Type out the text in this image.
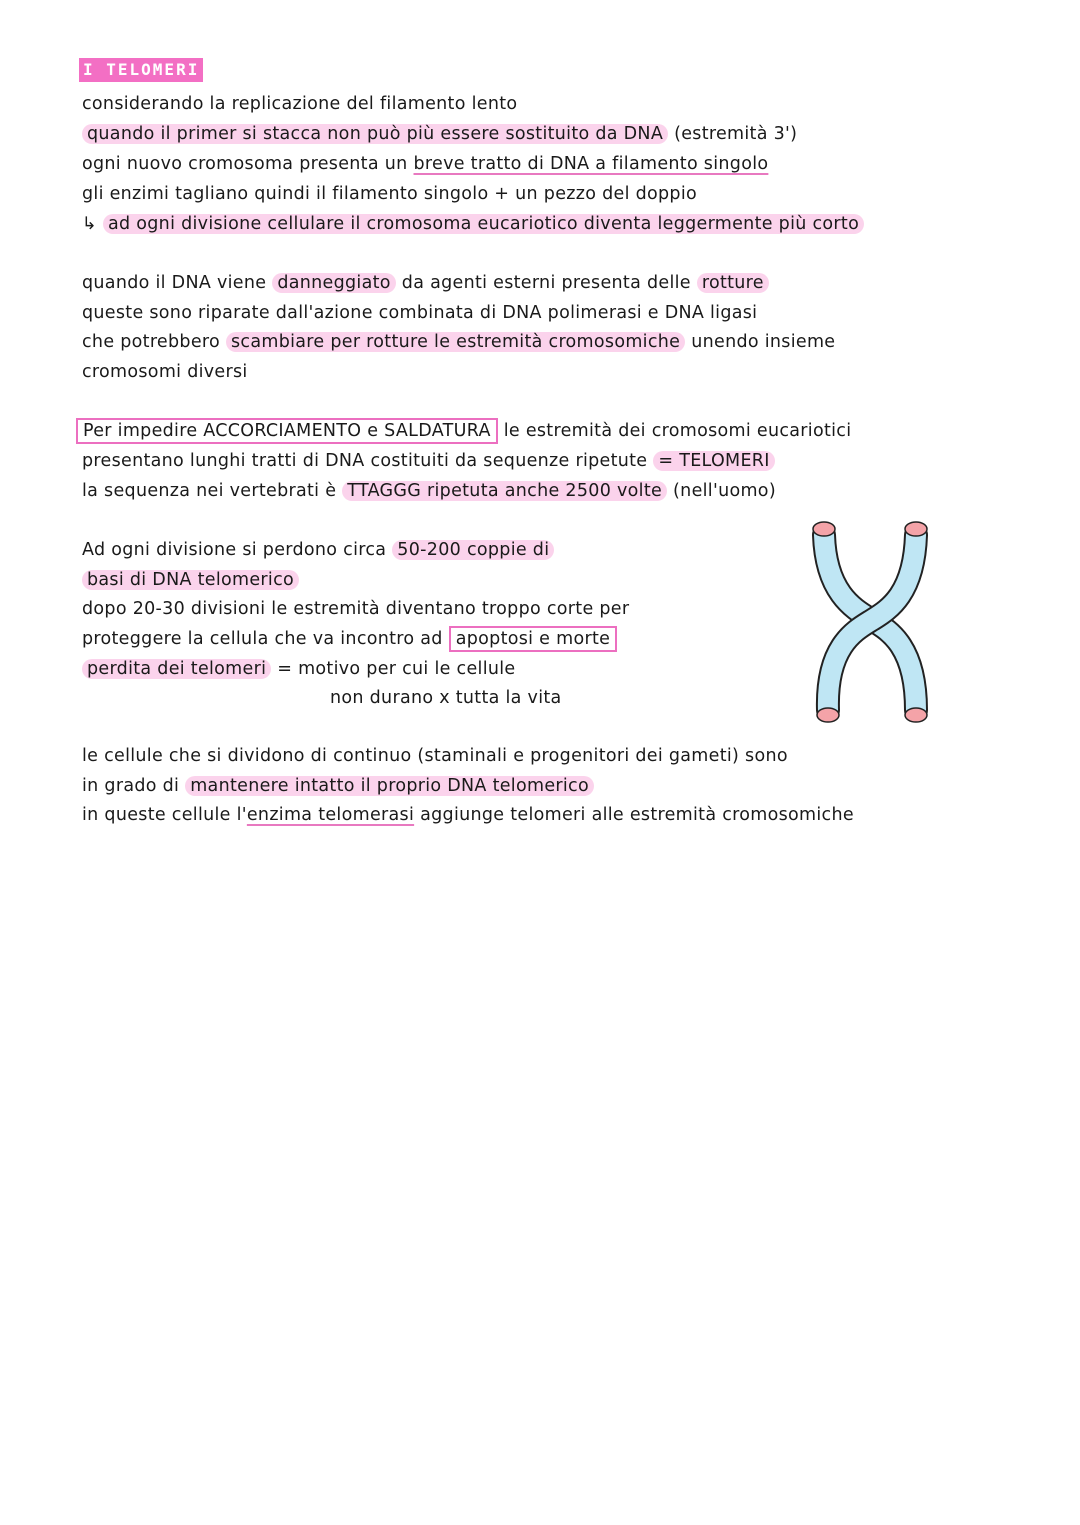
I TELOMERI
considerando la replicazione del filamento lento
quando il primer si stacca non può più essere sostituito da DNA (estremità 3')
ogni nuovo cromosoma presenta un breve tratto di DNA a filamento singolo
gli enzimi tagliano quindi il filamento singolo + un pezzo del doppio
↳ ad ogni divisione cellulare il cromosoma eucariotico diventa leggermente più corto
quando il DNA viene danneggiato da agenti esterni presenta delle rotture
queste sono riparate dall'azione combinata di DNA polimerasi e DNA ligasi
che potrebbero scambiare per rotture le estremità cromosomiche unendo insieme
cromosomi diversi
Per impedire ACCORCIAMENTO e SALDATURA le estremità dei cromosomi eucariotici
presentano lunghi tratti di DNA costituiti da sequenze ripetute = TELOMERI
la sequenza nei vertebrati è TTAGGG ripetuta anche 2500 volte (nell'uomo)
Ad ogni divisione si perdono circa 50-200 coppie di
basi di DNA telomerico
dopo 20-30 divisioni le estremità diventano troppo corte per
proteggere la cellula che va incontro ad apoptosi e morte
perdita dei telomeri = motivo per cui le cellule
non durano x tutta la vita
le cellule che si dividono di continuo (staminali e progenitori dei gameti) sono
in grado di mantenere intatto il proprio DNA telomerico
in queste cellule l'enzima telomerasi aggiunge telomeri alle estremità cromosomiche
